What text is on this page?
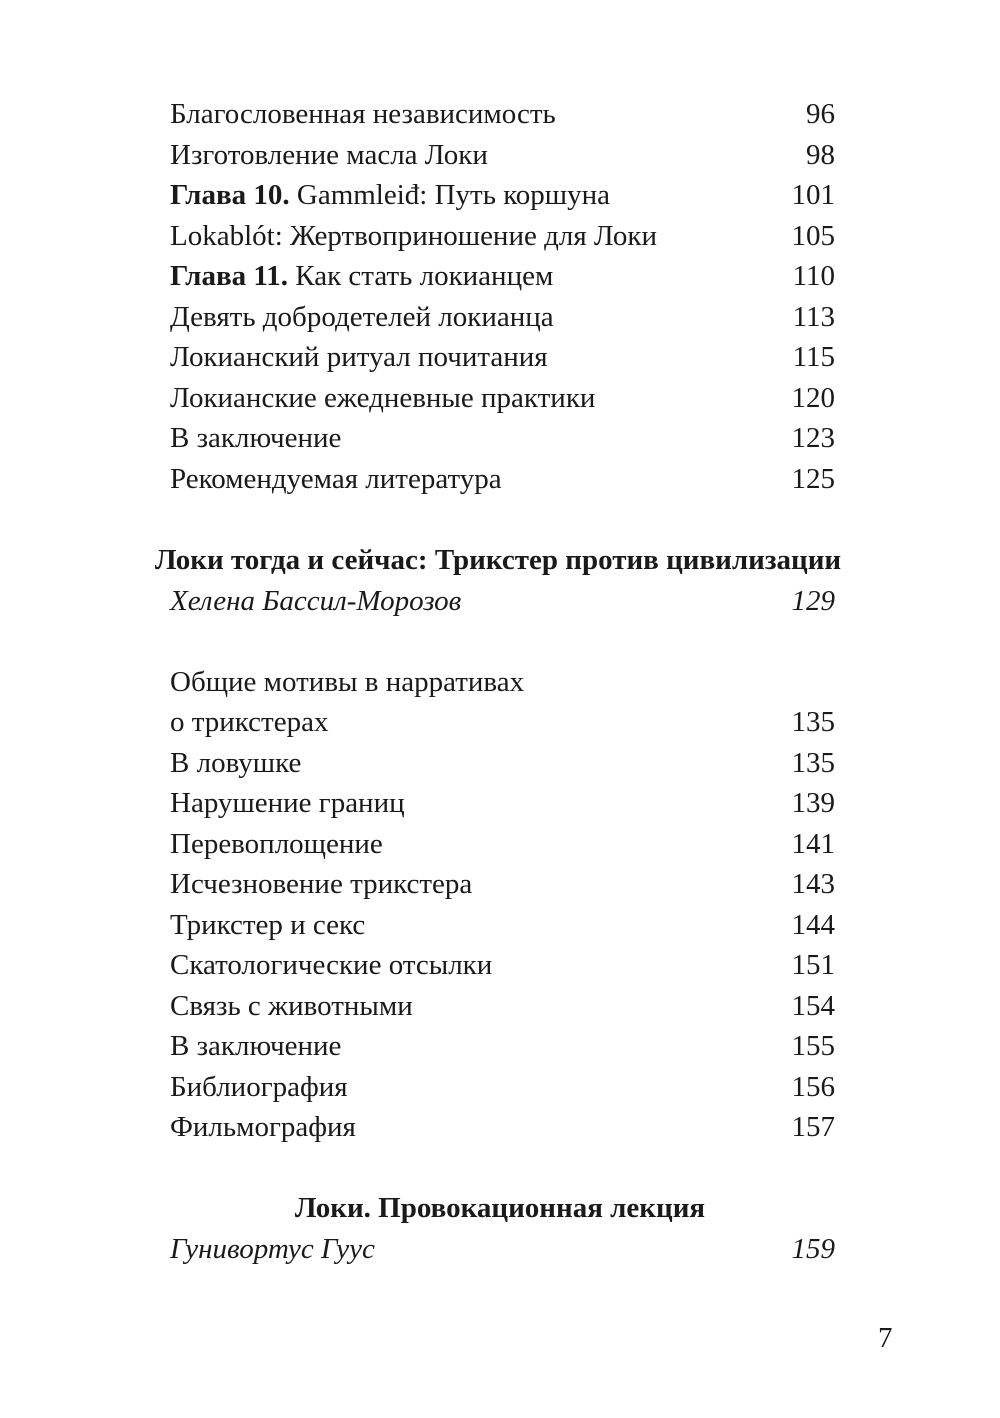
Благословенная независимость	96
Изготовление масла Локи	98
Глава 10. Gammleiđ: Путь коршуна	101
Lokablót: Жертвоприношение для Локи	105
Глава 11. Как стать локианцем	110
Девять добродетелей локианца	113
Локианский ритуал почитания	115
Локианские ежедневные практики	120
В заключение	123
Рекомендуемая литература	125
Локи тогда и сейчас: Трикстер против цивилизации
Хелена Бассил-Морозов	129
Общие мотивы в нарративах
о трикстерах	135
В ловушке	135
Нарушение границ	139
Перевоплощение	141
Исчезновение трикстера	143
Трикстер и секс	144
Скатологические отсылки	151
Связь с животными	154
В заключение	155
Библиография	156
Фильмография	157
Локи. Провокационная лекция
Гунивортус Гуус	159
7
